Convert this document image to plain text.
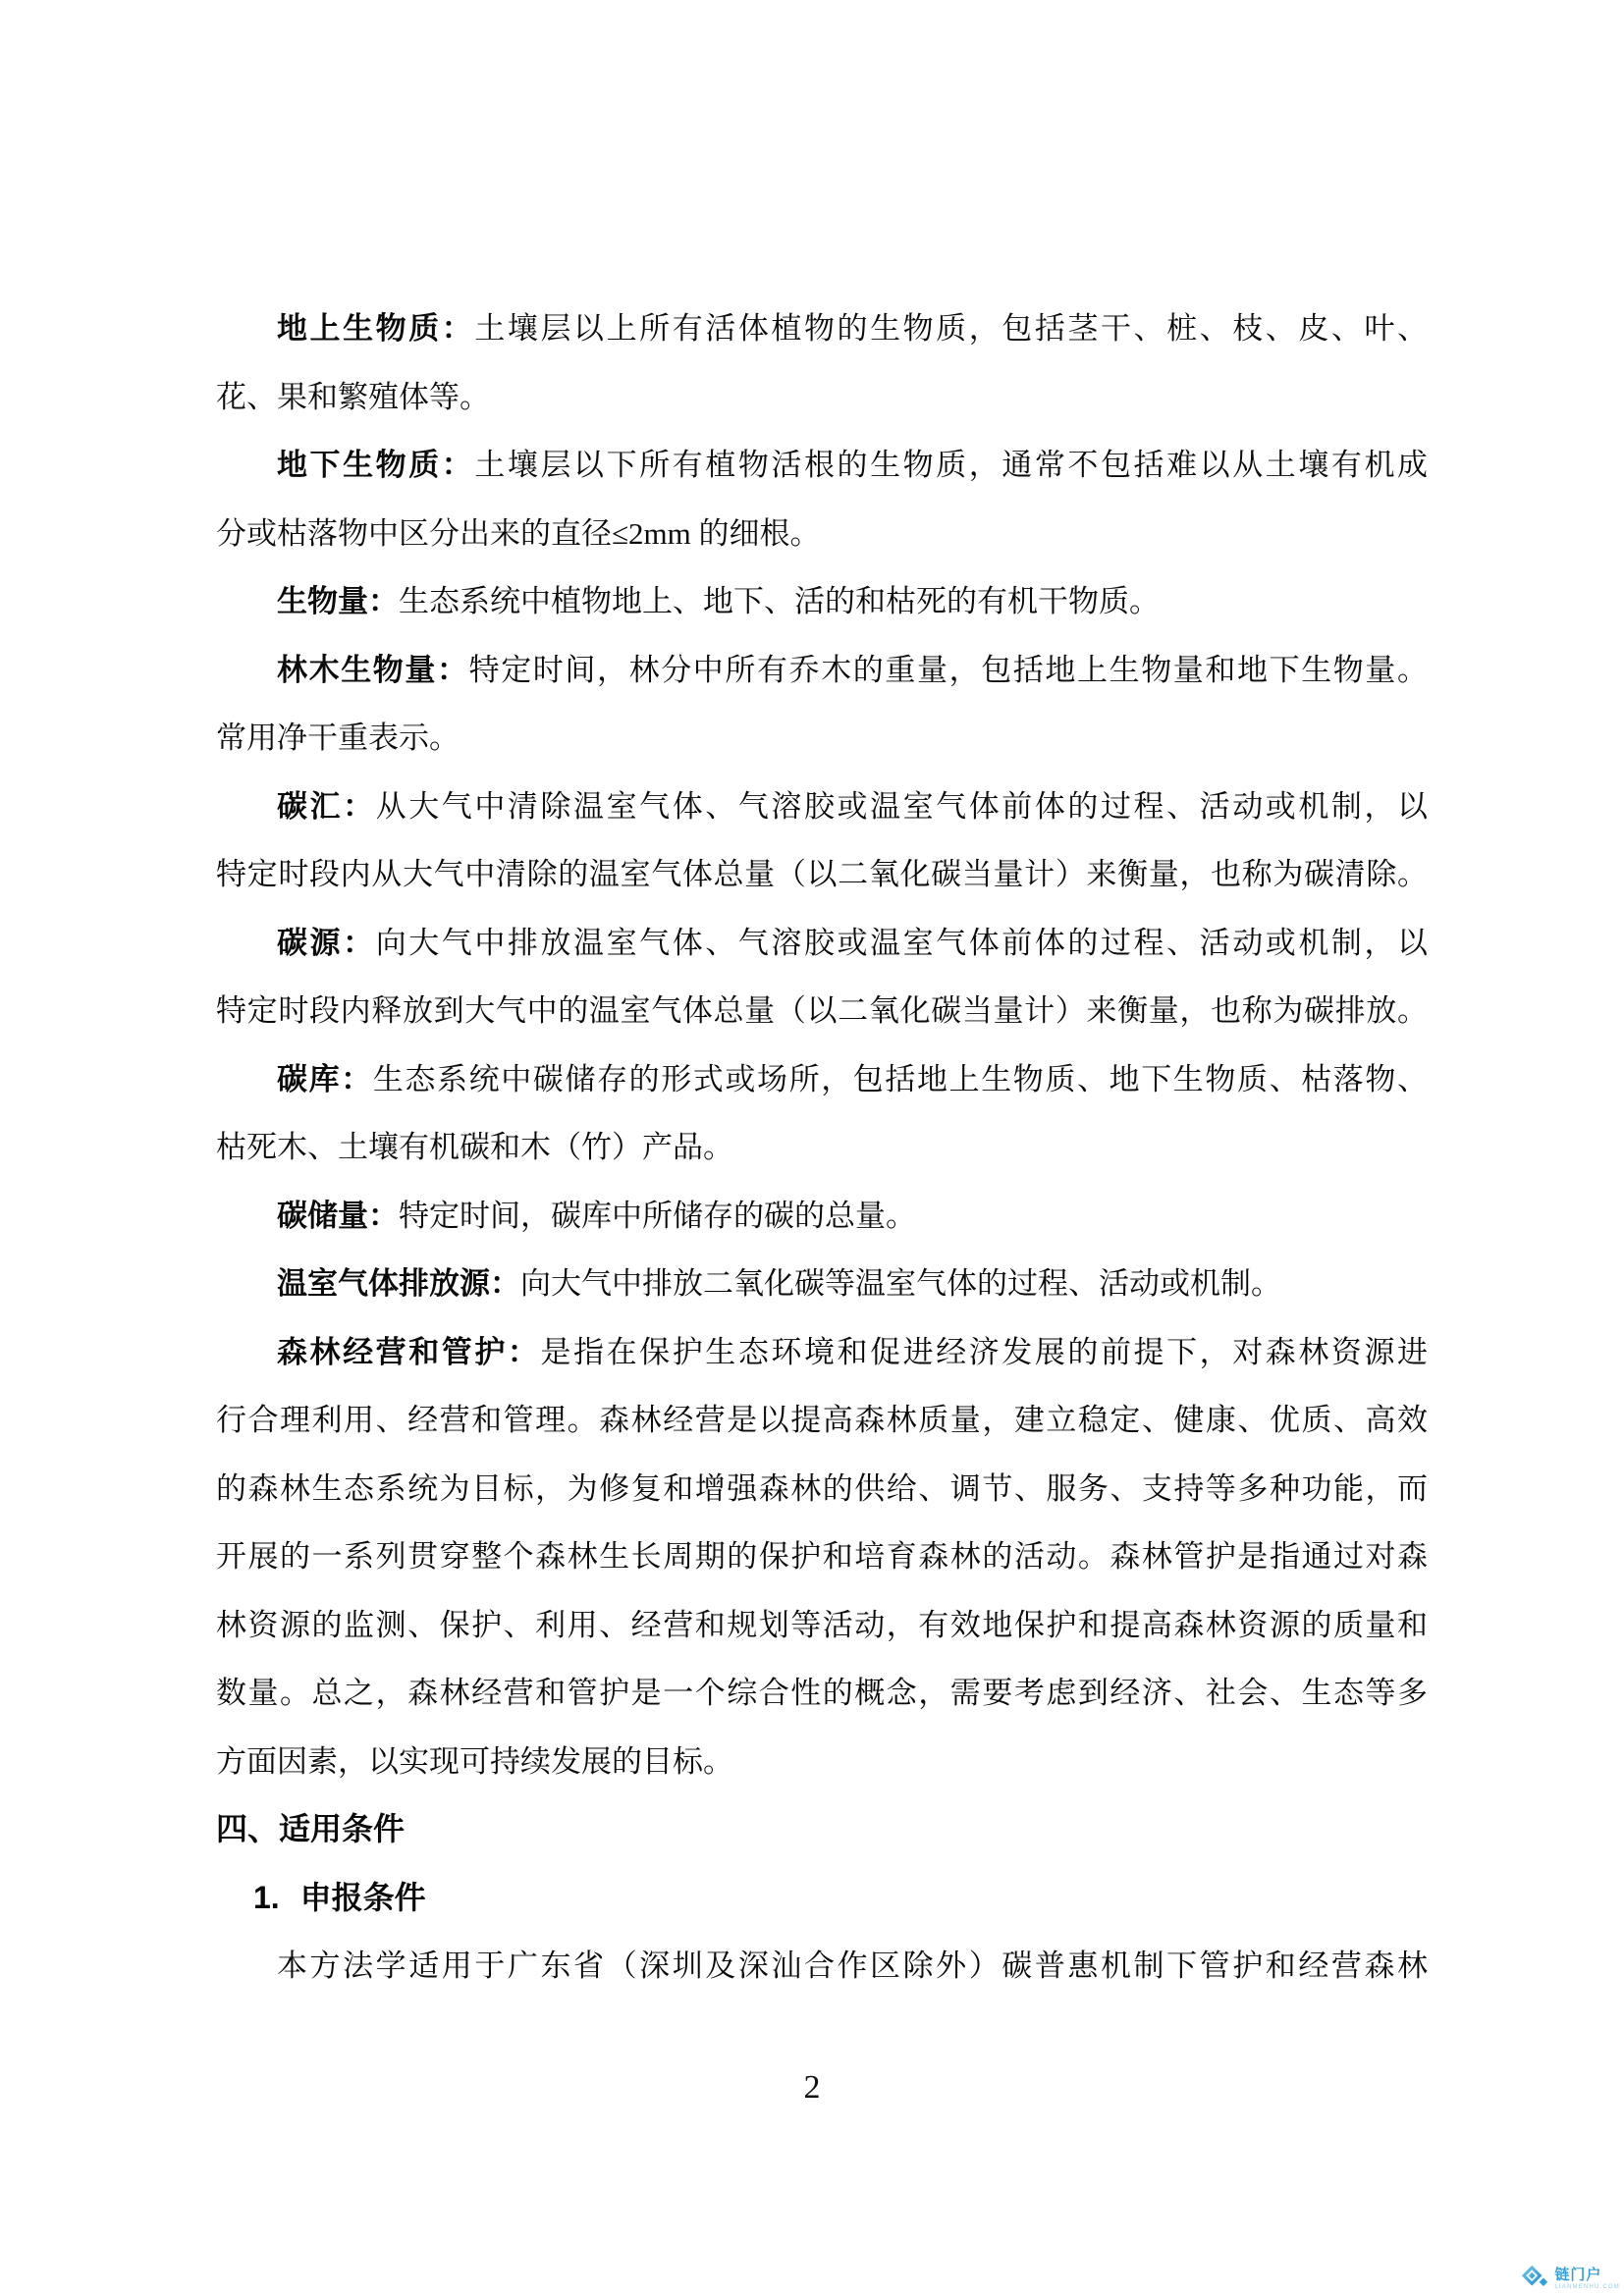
地上生物质：土壤层以上所有活体植物的生物质，包括茎干、桩、枝、皮、叶、

花、果和繁殖体等。

地下生物质：土壤层以下所有植物活根的生物质，通常不包括难以从土壤有机成

分或枯落物中区分出来的直径≤2mm 的细根。

生物量：生态系统中植物地上、地下、活的和枯死的有机干物质。

林木生物量：特定时间，林分中所有乔木的重量，包括地上生物量和地下生物量。

常用净干重表示。

碳汇：从大气中清除温室气体、气溶胶或温室气体前体的过程、活动或机制，以

特定时段内从大气中清除的温室气体总量（以二氧化碳当量计）来衡量，也称为碳清除。

碳源：向大气中排放温室气体、气溶胶或温室气体前体的过程、活动或机制，以

特定时段内释放到大气中的温室气体总量（以二氧化碳当量计）来衡量，也称为碳排放。

碳库：生态系统中碳储存的形式或场所，包括地上生物质、地下生物质、枯落物、

枯死木、土壤有机碳和木（竹）产品。

碳储量：特定时间，碳库中所储存的碳的总量。

温室气体排放源：向大气中排放二氧化碳等温室气体的过程、活动或机制。

森林经营和管护：是指在保护生态环境和促进经济发展的前提下，对森林资源进

行合理利用、经营和管理。森林经营是以提高森林质量，建立稳定、健康、优质、高效

的森林生态系统为目标，为修复和增强森林的供给、调节、服务、支持等多种功能，而

开展的一系列贯穿整个森林生长周期的保护和培育森林的活动。森林管护是指通过对森

林资源的监测、保护、利用、经营和规划等活动，有效地保护和提高森林资源的质量和

数量。总之，森林经营和管护是一个综合性的概念，需要考虑到经济、社会、生态等多

方面因素，以实现可持续发展的目标。

四、适用条件

1. 申报条件

本方法学适用于广东省（深圳及深汕合作区除外）碳普惠机制下管护和经营森林

2
链门户
LIANMENHU.COM
